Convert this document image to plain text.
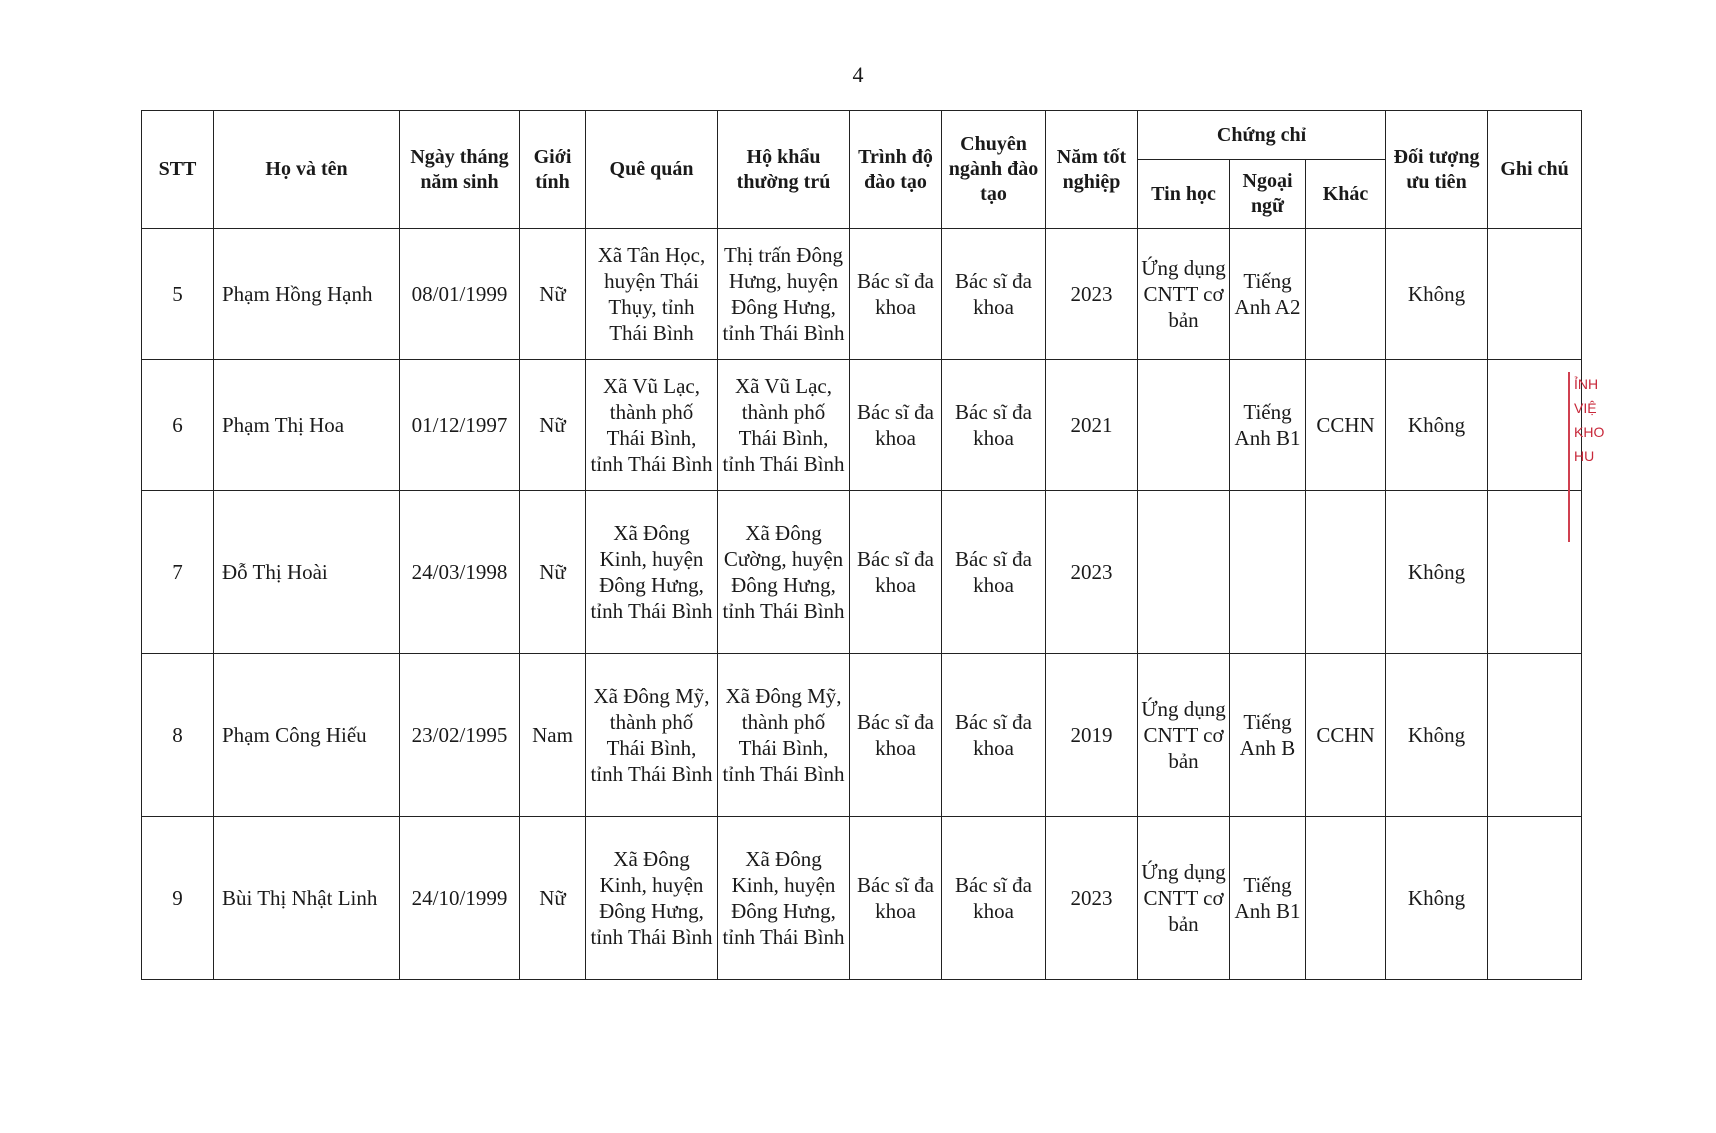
4
STT	Họ và tên	Ngày tháng năm sinh	Giới tính	Quê quán	Hộ khẩu thường trú	Trình độ đào tạo	Chuyên ngành đào tạo	Năm tốt nghiệp	Chứng chỉ			Đối tượng ưu tiên	Ghi chú
									Tin học	Ngoại ngữ	Khác		
5	Phạm Hồng Hạnh	08/01/1999	Nữ	Xã Tân Học, huyện Thái Thụy, tỉnh Thái Bình	Thị trấn Đông Hưng, huyện Đông Hưng, tỉnh Thái Bình	Bác sĩ đa khoa	Bác sĩ đa khoa	2023	Ứng dụng CNTT cơ bản	Tiếng Anh A2		Không	
6	Phạm Thị Hoa	01/12/1997	Nữ	Xã Vũ Lạc, thành phố Thái Bình, tỉnh Thái Bình	Xã Vũ Lạc, thành phố Thái Bình, tỉnh Thái Bình	Bác sĩ đa khoa	Bác sĩ đa khoa	2021		Tiếng Anh B1	CCHN	Không	
7	Đỗ Thị Hoài	24/03/1998	Nữ	Xã Đông Kinh, huyện Đông Hưng, tỉnh Thái Bình	Xã Đông Cường, huyện Đông Hưng, tỉnh Thái Bình	Bác sĩ đa khoa	Bác sĩ đa khoa	2023				Không	
8	Phạm Công Hiếu	23/02/1995	Nam	Xã Đông Mỹ, thành phố Thái Bình, tỉnh Thái Bình	Xã Đông Mỹ, thành phố Thái Bình, tỉnh Thái Bình	Bác sĩ đa khoa	Bác sĩ đa khoa	2019	Ứng dụng CNTT cơ bản	Tiếng Anh B	CCHN	Không	
9	Bùi Thị Nhật Linh	24/10/1999	Nữ	Xã Đông Kinh, huyện Đông Hưng, tỉnh Thái Bình	Xã Đông Kinh, huyện Đông Hưng, tỉnh Thái Bình	Bác sĩ đa khoa	Bác sĩ đa khoa	2023	Ứng dụng CNTT cơ bản	Tiếng Anh B1		Không	
ỈNH
VIỆ
KHO
HU
